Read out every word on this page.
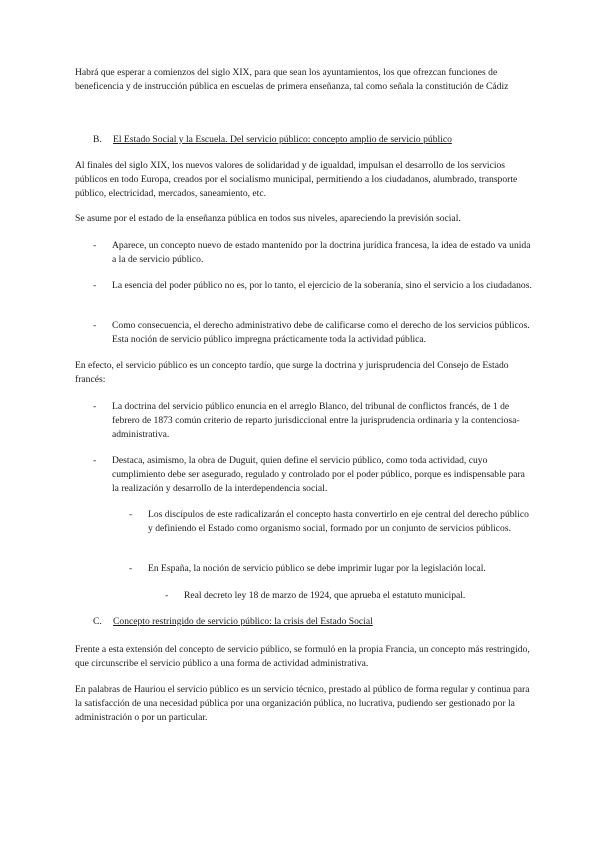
Habrá que esperar a comienzos del siglo XIX, para que sean los ayuntamientos, los que ofrezcan funciones de beneficencia y de instrucción pública en escuelas de primera enseñanza, tal como señala la constitución de Cádiz

B. El Estado Social y la Escuela. Del servicio público: concepto amplio de servicio público

Al finales del siglo XIX, los nuevos valores de solidaridad y de igualdad, impulsan el desarrollo de los servicios públicos en todo Europa, creados por el socialismo municipal, permitiendo a los ciudadanos, alumbrado, transporte público, electricidad, mercados, saneamiento, etc.

Se asume por el estado de la enseñanza pública en todos sus niveles, apareciendo la previsión social.

- Aparece, un concepto nuevo de estado mantenido por la doctrina jurídica francesa, la idea de estado va unida a la de servicio público.
- La esencia del poder público no es, por lo tanto, el ejercicio de la soberanía, sino el servicio a los ciudadanos.
- Como consecuencia, el derecho administrativo debe de calificarse como el derecho de los servicios públicos. Esta noción de servicio público impregna prácticamente toda la actividad pública.

En efecto, el servicio público es un concepto tardío, que surge la doctrina y jurisprudencia del Consejo de Estado francés:

- La doctrina del servicio público enuncia en el arreglo Blanco, del tribunal de conflictos francés, de 1 de febrero de 1873 común criterio de reparto jurisdiccional entre la jurisprudencia ordinaria y la contenciosa- administrativa.
- Destaca, asimismo, la obra de Duguit, quien define el servicio público, como toda actividad, cuyo cumplimiento debe ser asegurado, regulado y controlado por el poder público, porque es indispensable para la realización y desarrollo de la interdependencia social.
- Los discípulos de este radicalizarán el concepto hasta convertirlo en eje central del derecho público y definiendo el Estado como organismo social, formado por un conjunto de servicios públicos.
- En España, la noción de servicio público se debe imprimir lugar por la legislación local.
- Real decreto ley 18 de marzo de 1924, que aprueba el estatuto municipal.
C. Concepto restringido de servicio público: la crisis del Estado Social

Frente a esta extensión del concepto de servicio público, se formuló en la propia Francia, un concepto más restringido, que circunscribe el servicio público a una forma de actividad administrativa.

En palabras de Hauriou el servicio público es un servicio técnico, prestado al público de forma regular y continua para la satisfacción de una necesidad pública por una organización pública, no lucrativa, pudiendo ser gestionado por la administración o por un particular.
